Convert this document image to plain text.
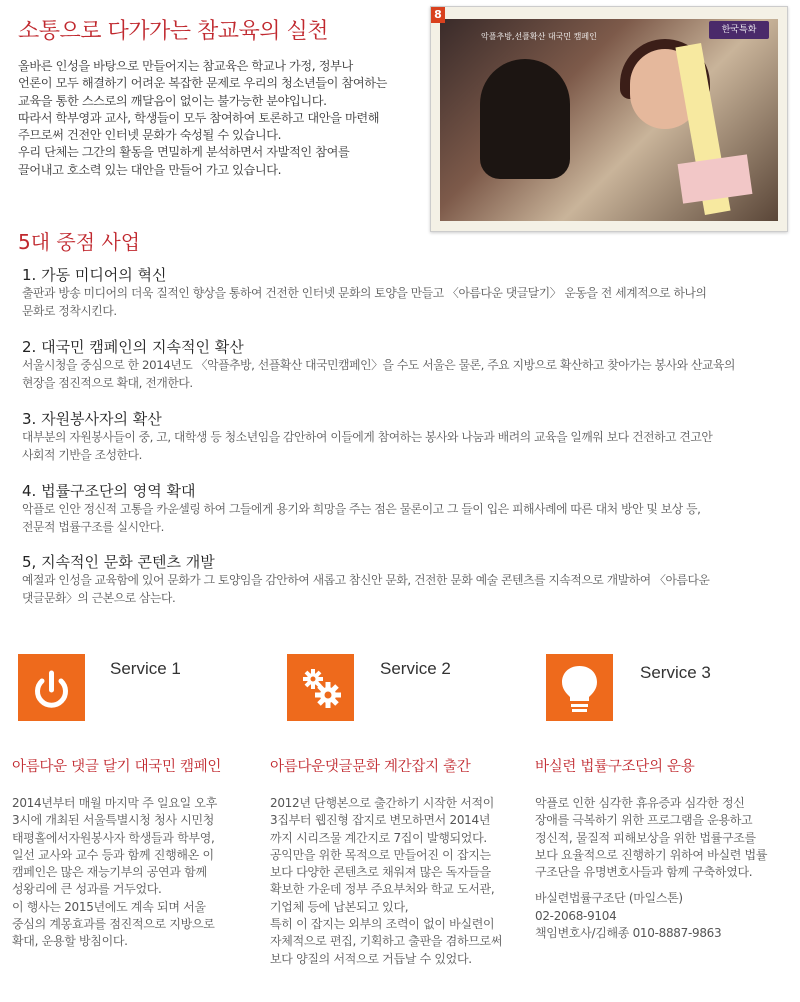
소통으로 다가가는 참교육의 실천
올바른 인성을 바탕으로 만들어지는 참교육은 학교나 가정, 정부나
언론이 모두 해결하기 어려운 복잡한 문제로 우리의 청소년들이 참여하는
교육을 통한 스스로의 깨달음이 없이는 불가능한 분야입니다.
따라서 학부영과 교사, 학생들이 모두 참여하여 토론하고 대안을 마련해
주므로써 건전안 인터넷 문화가 숙성될 수 있습니다.
우리 단체는 그간의 활동을 면밀하게 분석하면서 자발적인 참여를
끌어내고 호소력 있는 대안을 만들어 가고 있습니다.
8
악플추방,선플확산 대국민 캠페인
한국특화
5대 중점 사업
1. 가동 미디어의 혁신
출판과 방송 미디어의 더욱 질적인 향상을 통하여 건전한 인터넷 문화의 토양을 만들고 〈아름다운 댓글달기〉 운동을 전 세계적으로 하나의
문화로 정착시킨다.
2. 대국민 캠페인의 지속적인 확산
서울시청을 중심으로 한 2014년도 〈악플추방, 선플확산 대국민캠페인〉을 수도 서울은 물론, 주요 지방으로 확산하고 찾아가는 봉사와 산교육의
현장을 점진적으로 확대, 전개한다.
3. 자원봉사자의 확산
대부분의 자원봉사들이 중, 고, 대학생 등 청소년임을 감안하여 이들에게 참여하는 봉사와 나눔과 배려의 교육을 일깨워 보다 건전하고 견고안
사회적 기반을 조성한다.
4. 법률구조단의 영역 확대
악플로 인안 정신적 고통을 카운셀링 하여 그들에게 용기와 희망을 주는 점은 물론이고 그 들이 입은 피해사례에 따른 대처 방안 및 보상 등,
전문적 법률구조를 실시안다.
5, 지속적인 문화 콘텐츠 개발
예절과 인성을 교육함에 있어 문화가 그 토양임을 감안하여 새롭고 참신안 문화, 건전한 문화 예술 콘텐츠를 지속적으로 개발하여 〈아름다운
댓글문화〉의 근본으로 삼는다.
Service 1
아름다운 댓글 달기 대국민 캠페인
2014년부터 매월 마지막 주 일요일 오후
3시에 개최된 서울특별시청 청사 시민청
태평홀에서자원봉사자 학생들과 학부영,
일선 교사와 교수 등과 함께 진행해온 이
캠페인은 많은 재능기부의 공연과 함께
성왕리에 큰 성과를 거두었다.
이 행사는 2015년에도 계속 되며 서울
중심의 계몽효과를 점진적으로 지방으로
확대, 운용할 방침이다.
Service 2
아름다운댓글문화 계간잡지 출간
2012년 단행본으로 출간하기 시작한 서적이
3집부터 웹진형 잡지로 변모하면서 2014년
까지 시리즈물 계간지로 7집이 발행되었다.
공익만을 위한 목적으로 만들어진 이 잡지는
보다 다양한 콘텐츠로 채워져 많은 독자들을
확보한 가운데 정부 주요부처와 학교 도서관,
기업체 등에 납본되고 있다,
특히 이 잡지는 외부의 조력이 없이 바실련이
자체적으로 편집, 기획하고 출판을 겸하므로써
보다 양질의 서적으로 거듭날 수 있었다.
Service 3
바실련 법률구조단의 운용
악플로 인한 심각한 휴유증과 심각한 정신
장애를 극복하기 위한 프로그램을 운용하고
정신적, 물질적 피해보상을 위한 법률구조를
보다 요율적으로 진행하기 위하여 바실련 법률
구조단을 유명변호사들과 함께 구축하였다.
바실련법률구조단 (마일스톤)
02-2068-9104
책임변호사/김해종 010-8887-9863
